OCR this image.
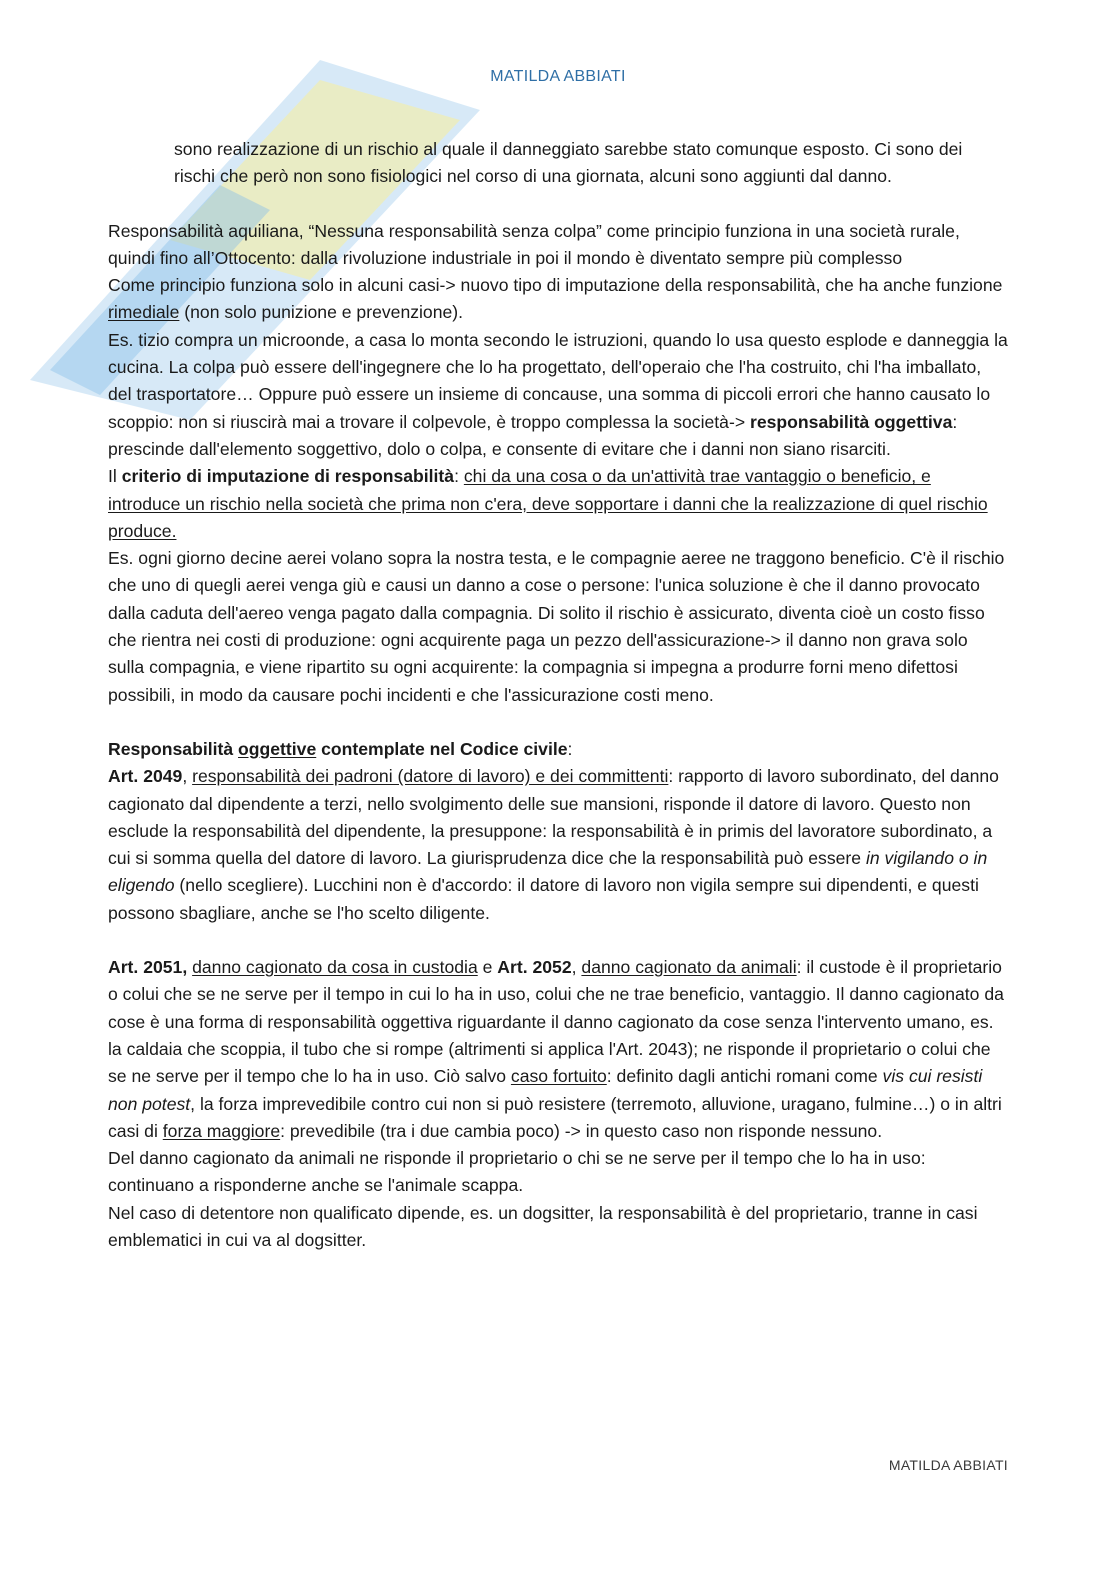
MATILDA ABBIATI

sono realizzazione di un rischio al quale il danneggiato sarebbe stato comunque esposto. Ci sono dei rischi che però non sono fisiologici nel corso di una giornata, alcuni sono aggiunti dal danno.

Responsabilità aquiliana, “Nessuna responsabilità senza colpa” come principio funziona in una società rurale, quindi fino all’Ottocento: dalla rivoluzione industriale in poi il mondo è diventato sempre più complesso

Come principio funziona solo in alcuni casi-> nuovo tipo di imputazione della responsabilità, che ha anche funzione rimediale (non solo punizione e prevenzione).

Es. tizio compra un microonde, a casa lo monta secondo le istruzioni, quando lo usa questo esplode e danneggia la cucina. La colpa può essere dell'ingegnere che lo ha progettato, dell'operaio che l'ha costruito, chi l'ha imballato, del trasportatore… Oppure può essere un insieme di concause, una somma di piccoli errori che hanno causato lo scoppio: non si riuscirà mai a trovare il colpevole, è troppo complessa la società-> responsabilità oggettiva: prescinde dall'elemento soggettivo, dolo o colpa, e consente di evitare che i danni non siano risarciti.

Il criterio di imputazione di responsabilità: chi da una cosa o da un'attività trae vantaggio o beneficio, e introduce un rischio nella società che prima non c'era, deve sopportare i danni che la realizzazione di quel rischio produce.

Es. ogni giorno decine aerei volano sopra la nostra testa, e le compagnie aeree ne traggono beneficio. C'è il rischio che uno di quegli aerei venga giù e causi un danno a cose o persone: l'unica soluzione è che il danno provocato dalla caduta dell'aereo venga pagato dalla compagnia. Di solito il rischio è assicurato, diventa cioè un costo fisso che rientra nei costi di produzione: ogni acquirente paga un pezzo dell'assicurazione-> il danno non grava solo sulla compagnia, e viene ripartito su ogni acquirente: la compagnia si impegna a produrre forni meno difettosi possibili, in modo da causare pochi incidenti e che l'assicurazione costi meno.

Responsabilità oggettive contemplate nel Codice civile:

Art. 2049, responsabilità dei padroni (datore di lavoro) e dei committenti: rapporto di lavoro subordinato, del danno cagionato dal dipendente a terzi, nello svolgimento delle sue mansioni, risponde il datore di lavoro. Questo non esclude la responsabilità del dipendente, la presuppone: la responsabilità è in primis del lavoratore subordinato, a cui si somma quella del datore di lavoro. La giurisprudenza dice che la responsabilità può essere in vigilando o in eligendo (nello scegliere). Lucchini non è d'accordo: il datore di lavoro non vigila sempre sui dipendenti, e questi possono sbagliare, anche se l'ho scelto diligente.

Art. 2051, danno cagionato da cosa in custodia e Art. 2052, danno cagionato da animali: il custode è il proprietario o colui che se ne serve per il tempo in cui lo ha in uso, colui che ne trae beneficio, vantaggio. Il danno cagionato da cose è una forma di responsabilità oggettiva riguardante il danno cagionato da cose senza l'intervento umano, es. la caldaia che scoppia, il tubo che si rompe (altrimenti si applica l'Art. 2043); ne risponde il proprietario o colui che se ne serve per il tempo che lo ha in uso. Ciò salvo caso fortuito: definito dagli antichi romani come vis cui resisti non potest, la forza imprevedibile contro cui non si può resistere (terremoto, alluvione, uragano, fulmine…) o in altri casi di forza maggiore: prevedibile (tra i due cambia poco) -> in questo caso non risponde nessuno.

Del danno cagionato da animali ne risponde il proprietario o chi se ne serve per il tempo che lo ha in uso: continuano a risponderne anche se l'animale scappa.

Nel caso di detentore non qualificato dipende, es. un dogsitter, la responsabilità è del proprietario, tranne in casi emblematici in cui va al dogsitter.

MATILDA ABBIATI
